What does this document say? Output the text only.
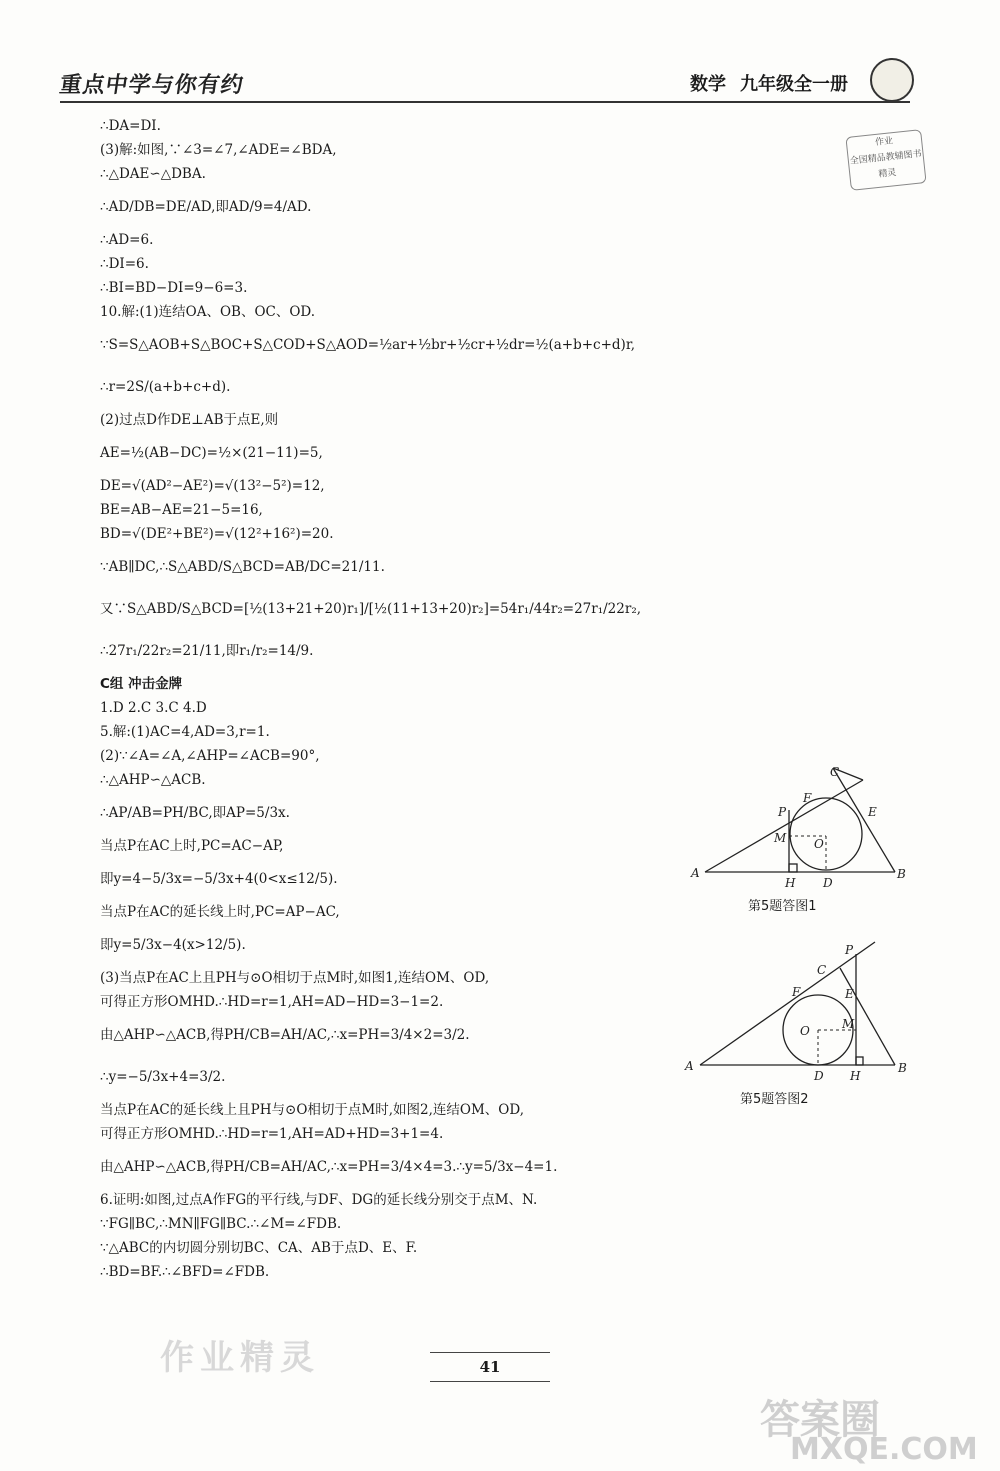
重点中学与你有约	数学 九年级全一册
作业
全国精品教辅图书
精灵
∴DA=DI.
(3)解:如图,∵∠3=∠7,∠ADE=∠BDA,
∴△DAE∽△DBA.
∴AD/DB=DE/AD,即AD/9=4/AD.
∴AD=6.
∴DI=6.
∴BI=BD−DI=9−6=3.
10.解:(1)连结OA、OB、OC、OD.
∵S=S△AOB+S△BOC+S△COD+S△AOD=½ar+½br+½cr+½dr=½(a+b+c+d)r,
∴r=2S/(a+b+c+d).
(2)过点D作DE⊥AB于点E,则
AE=½(AB−DC)=½×(21−11)=5,
DE=√(AD²−AE²)=√(13²−5²)=12,
BE=AB−AE=21−5=16,
BD=√(DE²+BE²)=√(12²+16²)=20.
∵AB∥DC,∴S△ABD/S△BCD=AB/DC=21/11.
又∵S△ABD/S△BCD=[½(13+21+20)r₁]/[½(11+13+20)r₂]=54r₁/44r₂=27r₁/22r₂,
∴27r₁/22r₂=21/11,即r₁/r₂=14/9.
C组 冲击金牌
1.D 2.C 3.C 4.D
5.解:(1)AC=4,AD=3,r=1.
(2)∵∠A=∠A,∠AHP=∠ACB=90°,
∴△AHP∽△ACB.
∴AP/AB=PH/BC,即AP=5/3x.
当点P在AC上时,PC=AC−AP,
即y=4−5/3x=−5/3x+4(0<x≤12/5).
当点P在AC的延长线上时,PC=AP−AC,
即y=5/3x−4(x>12/5).
(3)当点P在AC上且PH与⊙O相切于点M时,如图1,连结OM、OD,
可得正方形OMHD.∴HD=r=1,AH=AD−HD=3−1=2.
由△AHP∽△ACB,得PH/CB=AH/AC,∴x=PH=3/4×2=3/2.
∴y=−5/3x+4=3/2.
当点P在AC的延长线上且PH与⊙O相切于点M时,如图2,连结OM、OD,
可得正方形OMHD.∴HD=r=1,AH=AD+HD=3+1=4.
由△AHP∽△ACB,得PH/CB=AH/AC,∴x=PH=3/4×4=3.∴y=5/3x−4=1.
6.证明:如图,过点A作FG的平行线,与DF、DG的延长线分别交于点M、N.
∵FG∥BC,∴MN∥FG∥BC.∴∠M=∠FDB.
∵△ABC的内切圆分别切BC、CA、AB于点D、E、F.
∴BD=BF.∴∠BFD=∠FDB.
A	B
C
D
E
F
H
M O
P
第5题答图1
A	B
C
D
E
F
H
M
O
P
第5题答图2
作业精灵	41
答案圈
MXQE.COM
